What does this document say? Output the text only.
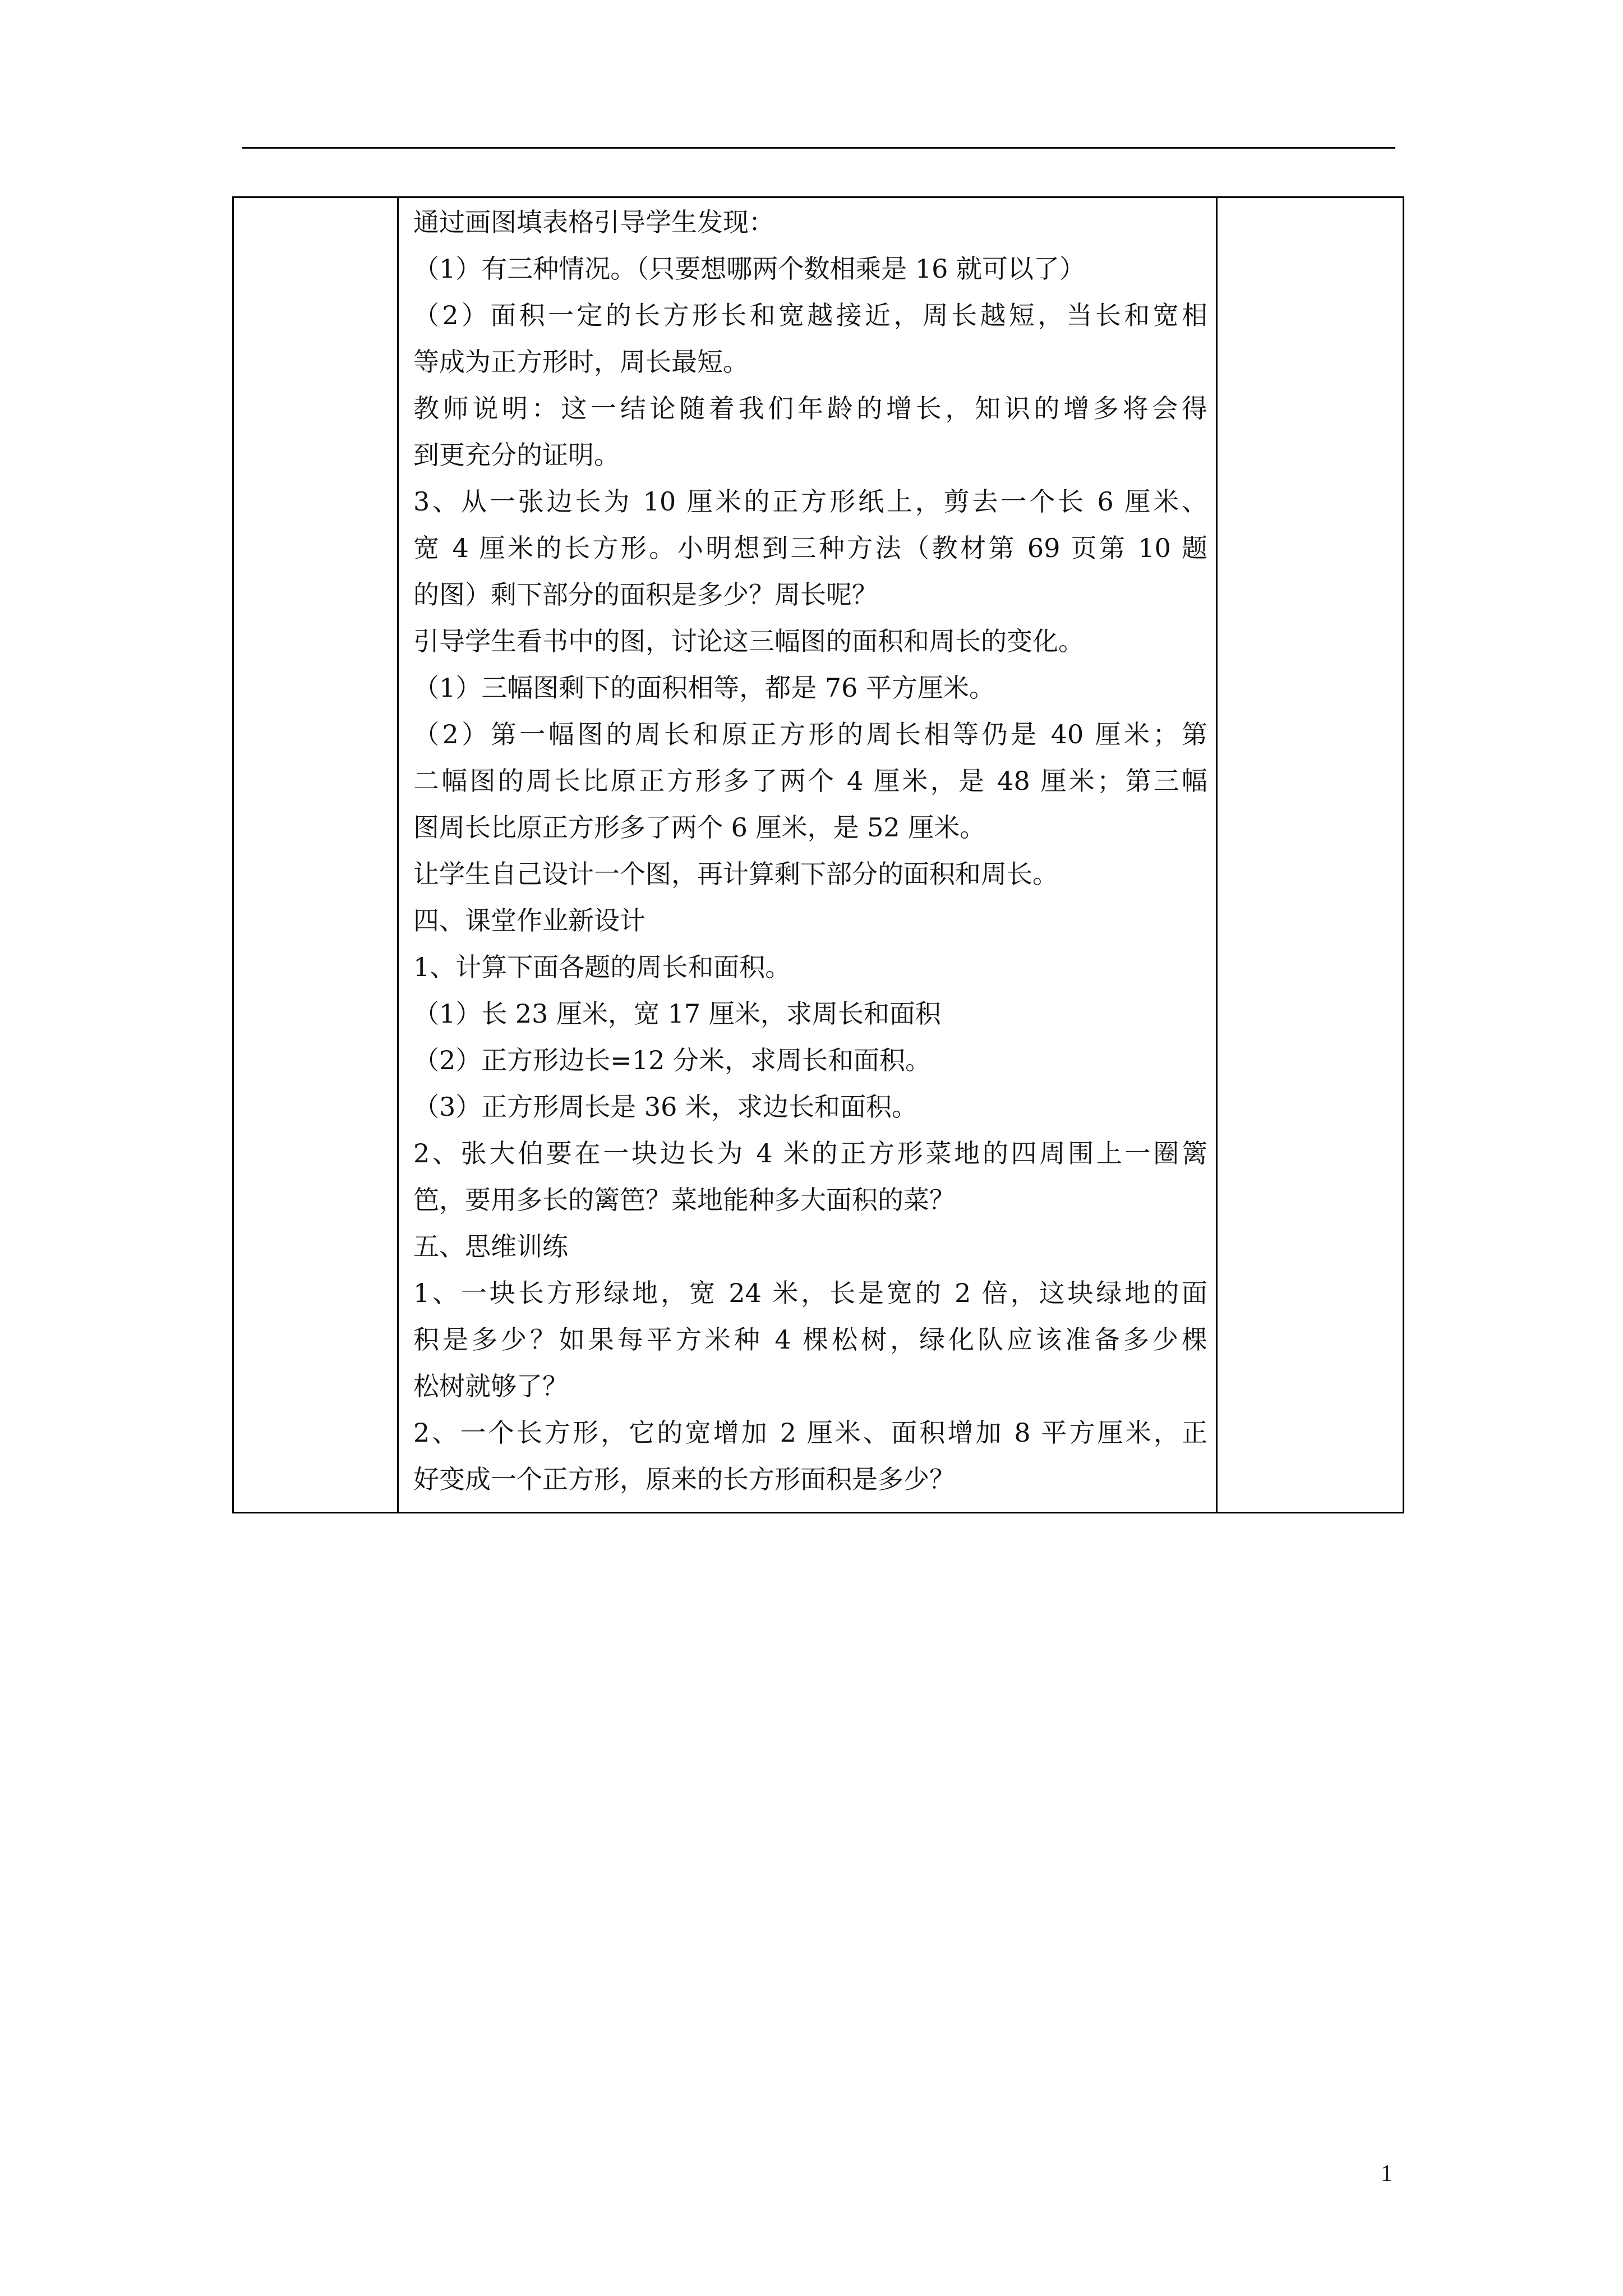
通过画图填表格引导学生发现：
（1）有三种情况。（只要想哪两个数相乘是 16 就可以了）
（2）面积一定的长方形长和宽越接近，周长越短，当长和宽相
等成为正方形时，周长最短。
教师说明：这一结论随着我们年龄的增长，知识的增多将会得
到更充分的证明。
3、从一张边长为 10 厘米的正方形纸上，剪去一个长 6 厘米、
宽 4 厘米的长方形。小明想到三种方法（教材第 69 页第 10 题
的图）剩下部分的面积是多少？周长呢？
引导学生看书中的图，讨论这三幅图的面积和周长的变化。
（1）三幅图剩下的面积相等，都是 76 平方厘米。
（2）第一幅图的周长和原正方形的周长相等仍是 40 厘米；第
二幅图的周长比原正方形多了两个 4 厘米，是 48 厘米；第三幅
图周长比原正方形多了两个 6 厘米，是 52 厘米。
让学生自己设计一个图，再计算剩下部分的面积和周长。
四、课堂作业新设计
1、计算下面各题的周长和面积。
（1）长 23 厘米，宽 17 厘米，求周长和面积
（2）正方形边长=12 分米，求周长和面积。
（3）正方形周长是 36 米，求边长和面积。
2、张大伯要在一块边长为 4 米的正方形菜地的四周围上一圈篱
笆，要用多长的篱笆？菜地能种多大面积的菜？
五、思维训练
1、一块长方形绿地，宽 24 米，长是宽的 2 倍，这块绿地的面
积是多少？如果每平方米种 4 棵松树，绿化队应该准备多少棵
松树就够了？
2、一个长方形，它的宽增加 2 厘米、面积增加 8 平方厘米，正
好变成一个正方形，原来的长方形面积是多少？
1
